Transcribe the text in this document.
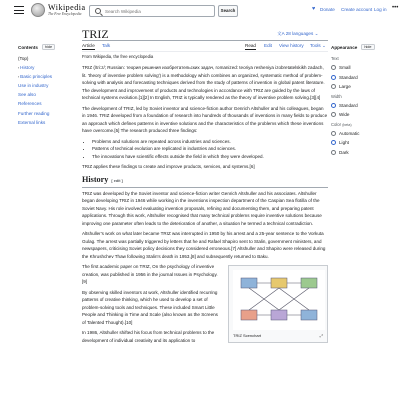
Wikipedia
The Free Encyclopedia
Search Wikipedia
Search	♥ Donate Create account Log in •••
TRIZ	文A 28 languages ⌄
Article Talk	Read Edit View history Tools ⌄
From Wikipedia, the free encyclopedia
Contents	hide
(Top)
›History
›Basic principles
Use in industry
See also
References
Further reading
External links

TRIZ (/tri:z/; Russian: теория решения изобретательских задач, romanized: teoriya resheniya izobretatelskikh zadach, lit. 'theory of inventive problem solving') is a methodology which combines an organized, systematic method of problem-solving with analysis and forecasting techniques derived from the study of patterns of invention in global patent literature. The development and improvement of products and technologies in accordance with TRIZ are guided by the laws of technical systems evolution.[1][2] In English, TRIZ is typically rendered as the theory of inventive problem solving.[3][4]

The development of TRIZ, led by Soviet inventor and science-fiction author Genrich Altshuller and his colleagues, began in 1946. TRIZ developed from a foundation of research into hundreds of thousands of inventions in many fields to produce an approach which defines patterns in inventive solutions and the characteristics of the problems which these inventions have overcome.[5] The research produced three findings:

• Problems and solutions are repeated across industries and sciences.
• Patterns of technical evolution are replicated in industries and sciences.
• The innovations have scientific effects outside the field in which they were developed.

TRIZ applies these findings to create and improve products, services, and systems.[6]

History [ edit ]

TRIZ was developed by the Soviet inventor and science-fiction writer Genrich Altshuller and his associates. Altshuller began developing TRIZ in 1946 while working in the inventions inspection department of the Caspian Sea flotilla of the Soviet Navy. His role involved evaluating invention proposals, refining and documenting them, and preparing patent applications. Through this work, Altshuller recognised that many technical problems require inventive solutions because improving one parameter often leads to the deterioration of another, a situation he termed a technical contradiction.

Altshuller's work on what later became TRIZ was interrupted in 1950 by his arrest and a 25-year sentence to the Vorkuta Gulag. The arrest was partially triggered by letters that he and Rafael Shapiro sent to Stalin, government ministers, and newspapers, criticising Soviet policy decisions they considered erroneous.[7] Altshuller and Shapiro were released during the Khrushchev Thaw following Stalin's death in 1953,[8] and subsequently returned to Baku.

TRIZ Scenchart	⤢

The first academic paper on TRIZ, On the psychology of inventive creation, was published in 1956 in the journal Issues in Psychology.[9]

By observing skilled inventors at work, Altshuller identified recurring patterns of creative thinking, which he used to develop a set of problem-solving tools and techniques. These included Smart Little People and Thinking in Time and Scale (also known as the Screens of Talented Thought).[10]

In 1986, Altshuller shifted his focus from technical problems to the development of individual creativity and its application to

Appearance	hide
Text
Small
Standard
Large
Width
Standard
Wide
Color (beta)
Automatic
Light
Dark
